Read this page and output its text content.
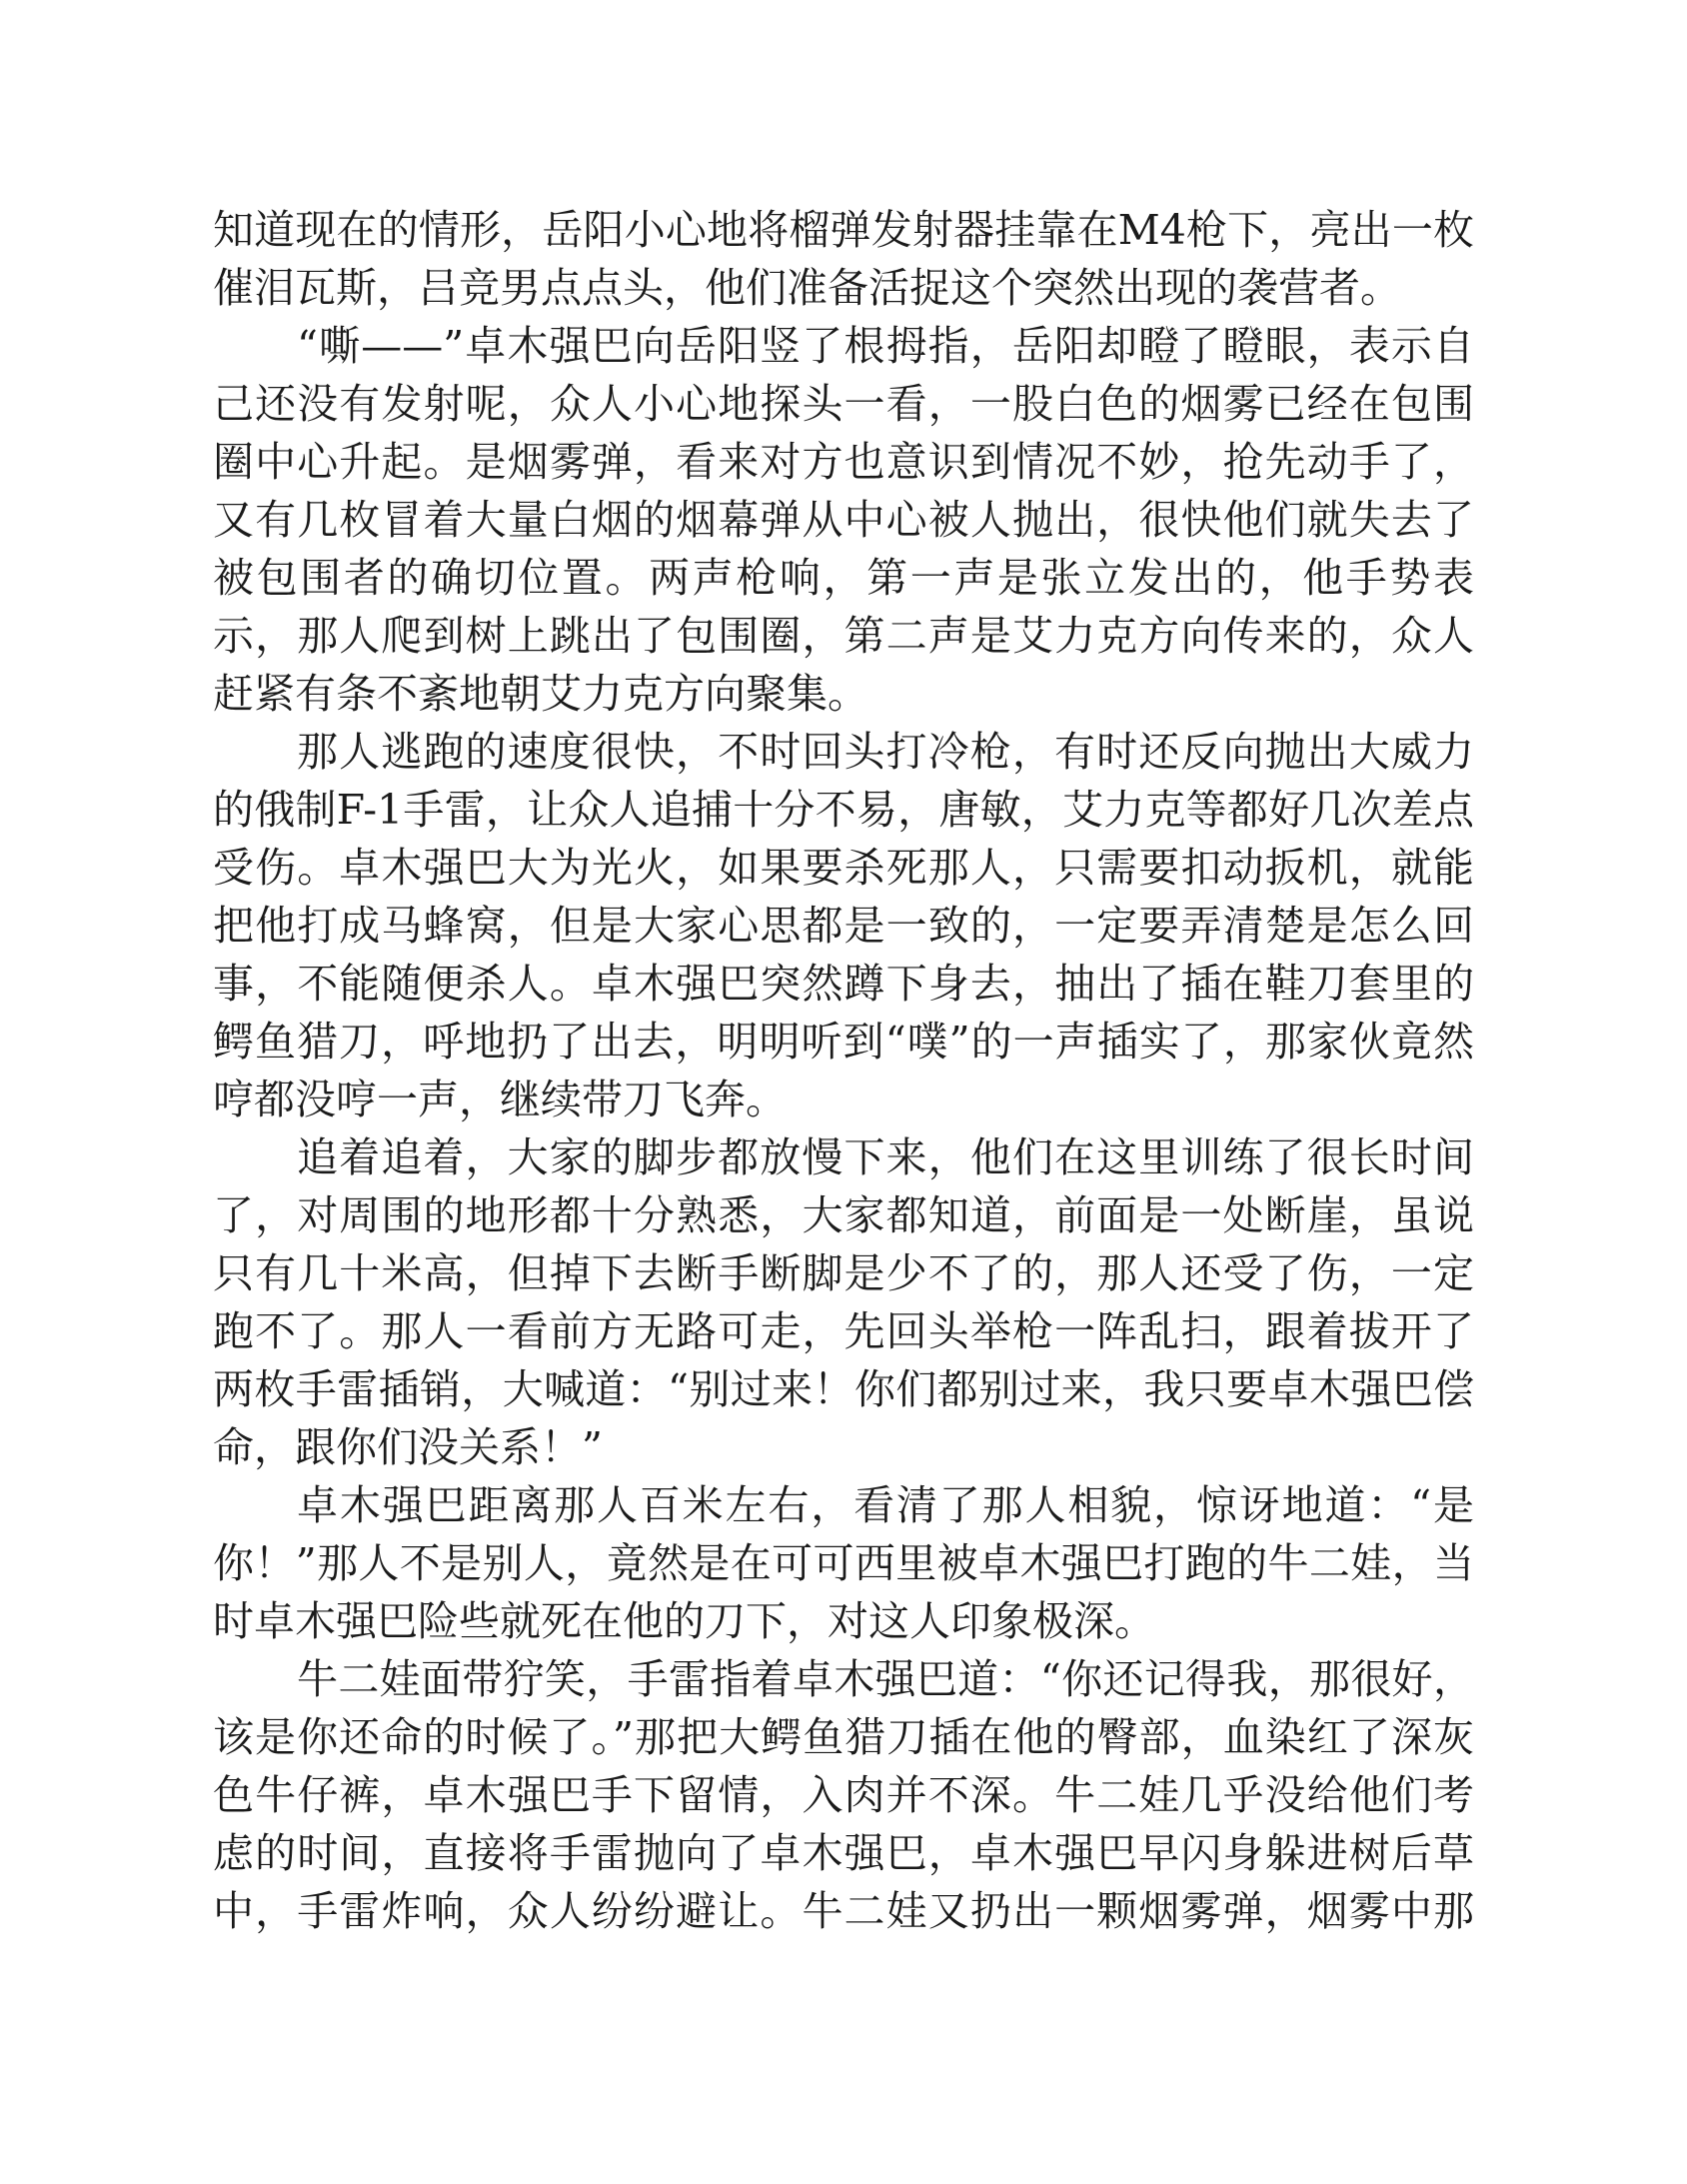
知道现在的情形，岳阳小心地将榴弹发射器挂靠在M4枪下，亮出一枚
催泪瓦斯，吕竞男点点头，他们准备活捉这个突然出现的袭营者。
“嘶——”卓木强巴向岳阳竖了根拇指，岳阳却瞪了瞪眼，表示自
己还没有发射呢，众人小心地探头一看，一股白色的烟雾已经在包围
圈中心升起。是烟雾弹，看来对方也意识到情况不妙，抢先动手了，
又有几枚冒着大量白烟的烟幕弹从中心被人抛出，很快他们就失去了
被包围者的确切位置。两声枪响，第一声是张立发出的，他手势表
示，那人爬到树上跳出了包围圈，第二声是艾力克方向传来的，众人
赶紧有条不紊地朝艾力克方向聚集。
那人逃跑的速度很快，不时回头打冷枪，有时还反向抛出大威力
的俄制F-1手雷，让众人追捕十分不易，唐敏，艾力克等都好几次差点
受伤。卓木强巴大为光火，如果要杀死那人，只需要扣动扳机，就能
把他打成马蜂窝，但是大家心思都是一致的，一定要弄清楚是怎么回
事，不能随便杀人。卓木强巴突然蹲下身去，抽出了插在鞋刀套里的
鳄鱼猎刀，呼地扔了出去，明明听到“噗”的一声插实了，那家伙竟然
哼都没哼一声，继续带刀飞奔。
追着追着，大家的脚步都放慢下来，他们在这里训练了很长时间
了，对周围的地形都十分熟悉，大家都知道，前面是一处断崖，虽说
只有几十米高，但掉下去断手断脚是少不了的，那人还受了伤，一定
跑不了。那人一看前方无路可走，先回头举枪一阵乱扫，跟着拔开了
两枚手雷插销，大喊道：“别过来！你们都别过来，我只要卓木强巴偿
命，跟你们没关系！”
卓木强巴距离那人百米左右，看清了那人相貌，惊讶地道：“是
你！”那人不是别人，竟然是在可可西里被卓木强巴打跑的牛二娃，当
时卓木强巴险些就死在他的刀下，对这人印象极深。
牛二娃面带狞笑，手雷指着卓木强巴道：“你还记得我，那很好，
该是你还命的时候了。”那把大鳄鱼猎刀插在他的臀部，血染红了深灰
色牛仔裤，卓木强巴手下留情，入肉并不深。牛二娃几乎没给他们考
虑的时间，直接将手雷抛向了卓木强巴，卓木强巴早闪身躲进树后草
中，手雷炸响，众人纷纷避让。牛二娃又扔出一颗烟雾弹，烟雾中那
